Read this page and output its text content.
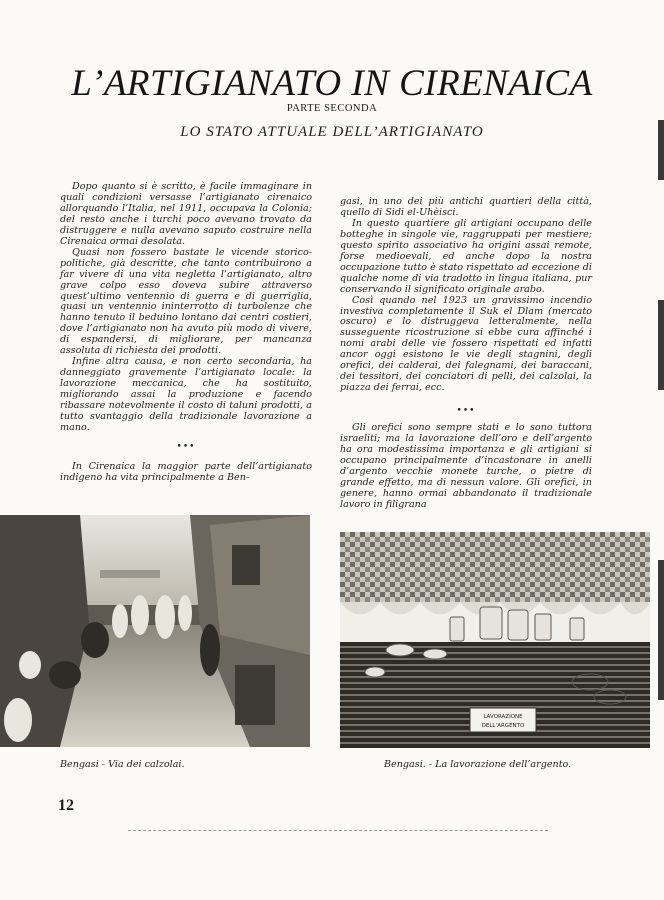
L’ARTIGIANATO IN CIRENAICA
PARTE SECONDA
LO STATO ATTUALE DELL’ARTIGIANATO

Dopo quanto si è scritto, è facile immaginare in quali condizioni versasse l’artigianato cirenaico allorquando l’Italia, nel 1911, occupava la Colonia; del resto anche i turchi poco avevano trovato da distruggere e nulla avevano saputo costruire nella Cirenaica ormai desolata.

Quasi non fossero bastate le vicende storico-politiche, già descritte, che tanto contribuirono a far vivere di una vita negletta l’artigianato, altro grave colpo esso doveva subire attraverso quest’ultimo ventennio di guerra e di guerriglia, quasi un ventennio ininterrotto di turbolenze che hanno tenuto il beduino lontano dai centri costieri, dove l’artigianato non ha avuto più modo di vivere, di espandersi, di migliorare, per mancanza assoluta di richiesta dei prodotti.

Infine altra causa, e non certo secondaria, ha danneggiato gravemente l’artigianato locale: la lavorazione meccanica, che ha sostituito, migliorando assai la produzione e facendo ribassare notevolmente il costo di taluni prodotti, a tutto svantaggio della tradizionale lavorazione a mano.

•••

In Cirenaica la maggior parte dell’artigianato indigeno ha vita principalmente a Ben-

gasi, in uno dei più antichi quartieri della città, quello di Sidi el-Uhèisci.

In questo quartiere gli artigiani occupano delle botteghe in singole vie, raggruppati per mestiere; questo spirito associativo ha origini assai remote, forse medioevali, ed anche dopo la nostra occupazione tutto è stato rispettato ad eccezione di qualche nome di via tradotto in lingua italiana, pur conservando il significato originale arabo.

Così quando nel 1923 un gravissimo incendio investiva completamente il Suk el Dlam (mercato oscuro) e lo distruggeva letteralmente, nella susseguente ricostruzione si ebbe cura affinché i nomi arabi delle vie fossero rispettati ed infatti ancor oggi esistono le vie degli stagnini, degli orefici, dei calderai, dei falegnami, dei baraccani, dei tessitori, dei conciatori di pelli, dei calzolai, la piazza dei ferrai, ecc.

•••

Gli orefici sono sempre stati e lo sono tuttora israeliti; ma la lavorazione dell’oro e dell’argento ha ora modestissima importanza e gli artigiani si occupano principalmente d’incastonare in anelli d’argento vecchie monete turche, o pietre di grande effetto, ma di nessun valore. Gli orefici, in genere, hanno ormai abbandonato il tradizionale lavoro in filigrana

LAVORAZIONE
DELL’ARGENTO
Bengasi - Via dei calzolai.	Bengasi. - La lavorazione dell’argento.
12
